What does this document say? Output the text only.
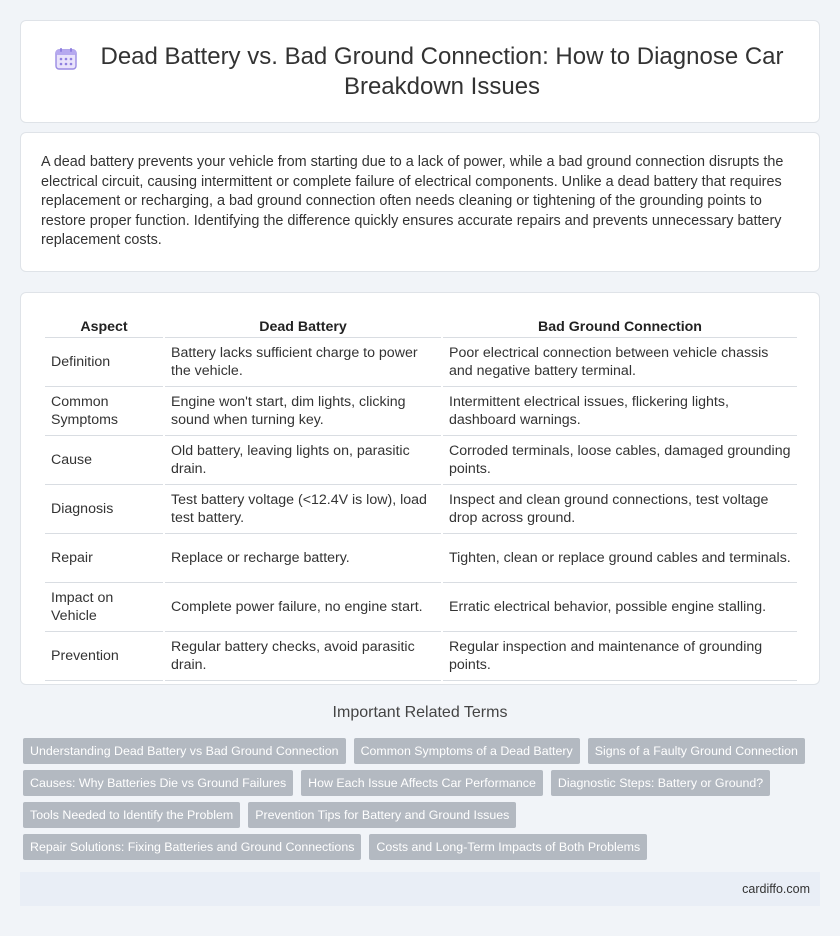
Dead Battery vs. Bad Ground Connection: How to Diagnose Car Breakdown Issues

A dead battery prevents your vehicle from starting due to a lack of power, while a bad ground connection disrupts the electrical circuit, causing intermittent or complete failure of electrical components. Unlike a dead battery that requires replacement or recharging, a bad ground connection often needs cleaning or tightening of the grounding points to restore proper function. Identifying the difference quickly ensures accurate repairs and prevents unnecessary battery replacement costs.

Aspect	Dead Battery	Bad Ground Connection
Definition	Battery lacks sufficient charge to power the vehicle.	Poor electrical connection between vehicle chassis and negative battery terminal.
Common Symptoms	Engine won't start, dim lights, clicking sound when turning key.	Intermittent electrical issues, flickering lights, dashboard warnings.
Cause	Old battery, leaving lights on, parasitic drain.	Corroded terminals, loose cables, damaged grounding points.
Diagnosis	Test battery voltage (<12.4V is low), load test battery.	Inspect and clean ground connections, test voltage drop across ground.
Repair	Replace or recharge battery.	Tighten, clean or replace ground cables and terminals.
Impact on Vehicle	Complete power failure, no engine start.	Erratic electrical behavior, possible engine stalling.
Prevention	Regular battery checks, avoid parasitic drain.	Regular inspection and maintenance of grounding points.
Important Related Terms
Understanding Dead Battery vs Bad Ground Connection	Common Symptoms of a Dead Battery	Signs of a Faulty Ground Connection
Causes: Why Batteries Die vs Ground Failures	How Each Issue Affects Car Performance	Diagnostic Steps: Battery or Ground?
Tools Needed to Identify the Problem	Prevention Tips for Battery and Ground Issues
Repair Solutions: Fixing Batteries and Ground Connections	Costs and Long-Term Impacts of Both Problems
cardiffo.com
